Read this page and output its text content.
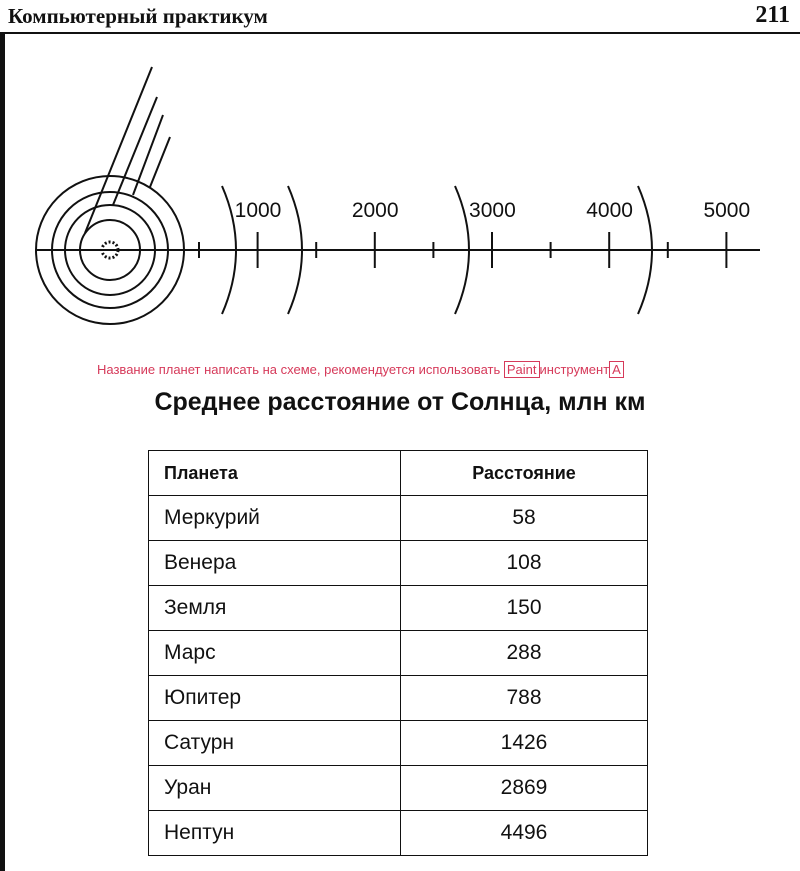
Компьютерный практикум	211
1000	2000	3000	4000	5000
Название планет написать на схеме, рекомендуется использовать Paint инструмент A
Среднее расстояние от Солнца, млн км
Планета	Расстояние
Меркурий	58
Венера	108
Земля	150
Марс	288
Юпитер	788
Сатурн	1426
Уран	2869
Нептун	4496
